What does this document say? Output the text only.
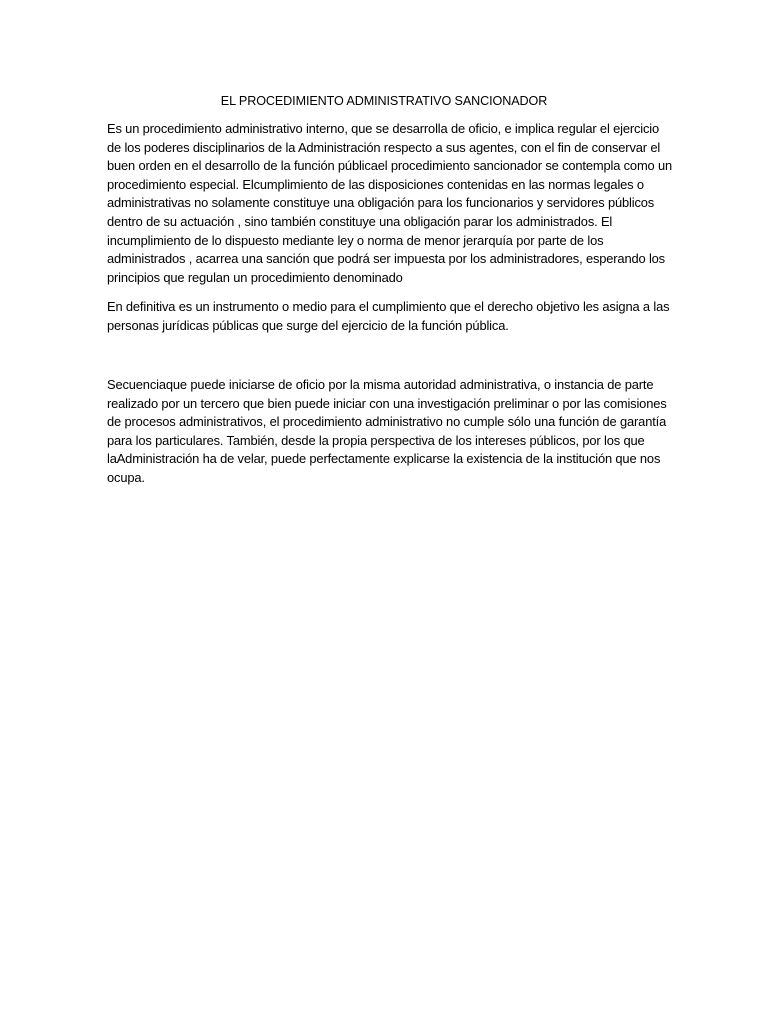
EL PROCEDIMIENTO ADMINISTRATIVO SANCIONADOR

Es un procedimiento administrativo interno, que se desarrolla de oficio, e implica regular el ejercicio de los poderes disciplinarios de la Administración respecto a sus agentes, con el fin de conservar el buen orden en el desarrollo de la función públicael procedimiento sancionador se contempla como un procedimiento especial. Elcumplimiento de las disposiciones contenidas en las normas legales o administrativas no solamente constituye una obligación para los funcionarios y servidores públicos dentro de su actuación , sino también constituye una obligación parar los administrados. El incumplimiento de lo dispuesto mediante ley o norma de menor jerarquía por parte de los administrados , acarrea una sanción que podrá ser impuesta por los administradores, esperando los principios que regulan un procedimiento denominado

En definitiva es un instrumento o medio para el cumplimiento que el derecho objetivo les asigna a las personas jurídicas públicas que surge del ejercicio de la función pública.

Secuenciaque puede iniciarse de oficio por la misma autoridad administrativa, o instancia de parte realizado por un tercero que bien puede iniciar con una investigación preliminar o por las comisiones de procesos administrativos, el procedimiento administrativo no cumple sólo una función de garantía para los particulares. También, desde la propia perspectiva de los intereses públicos, por los que laAdministración ha de velar, puede perfectamente explicarse la existencia de la institución que nos ocupa.
